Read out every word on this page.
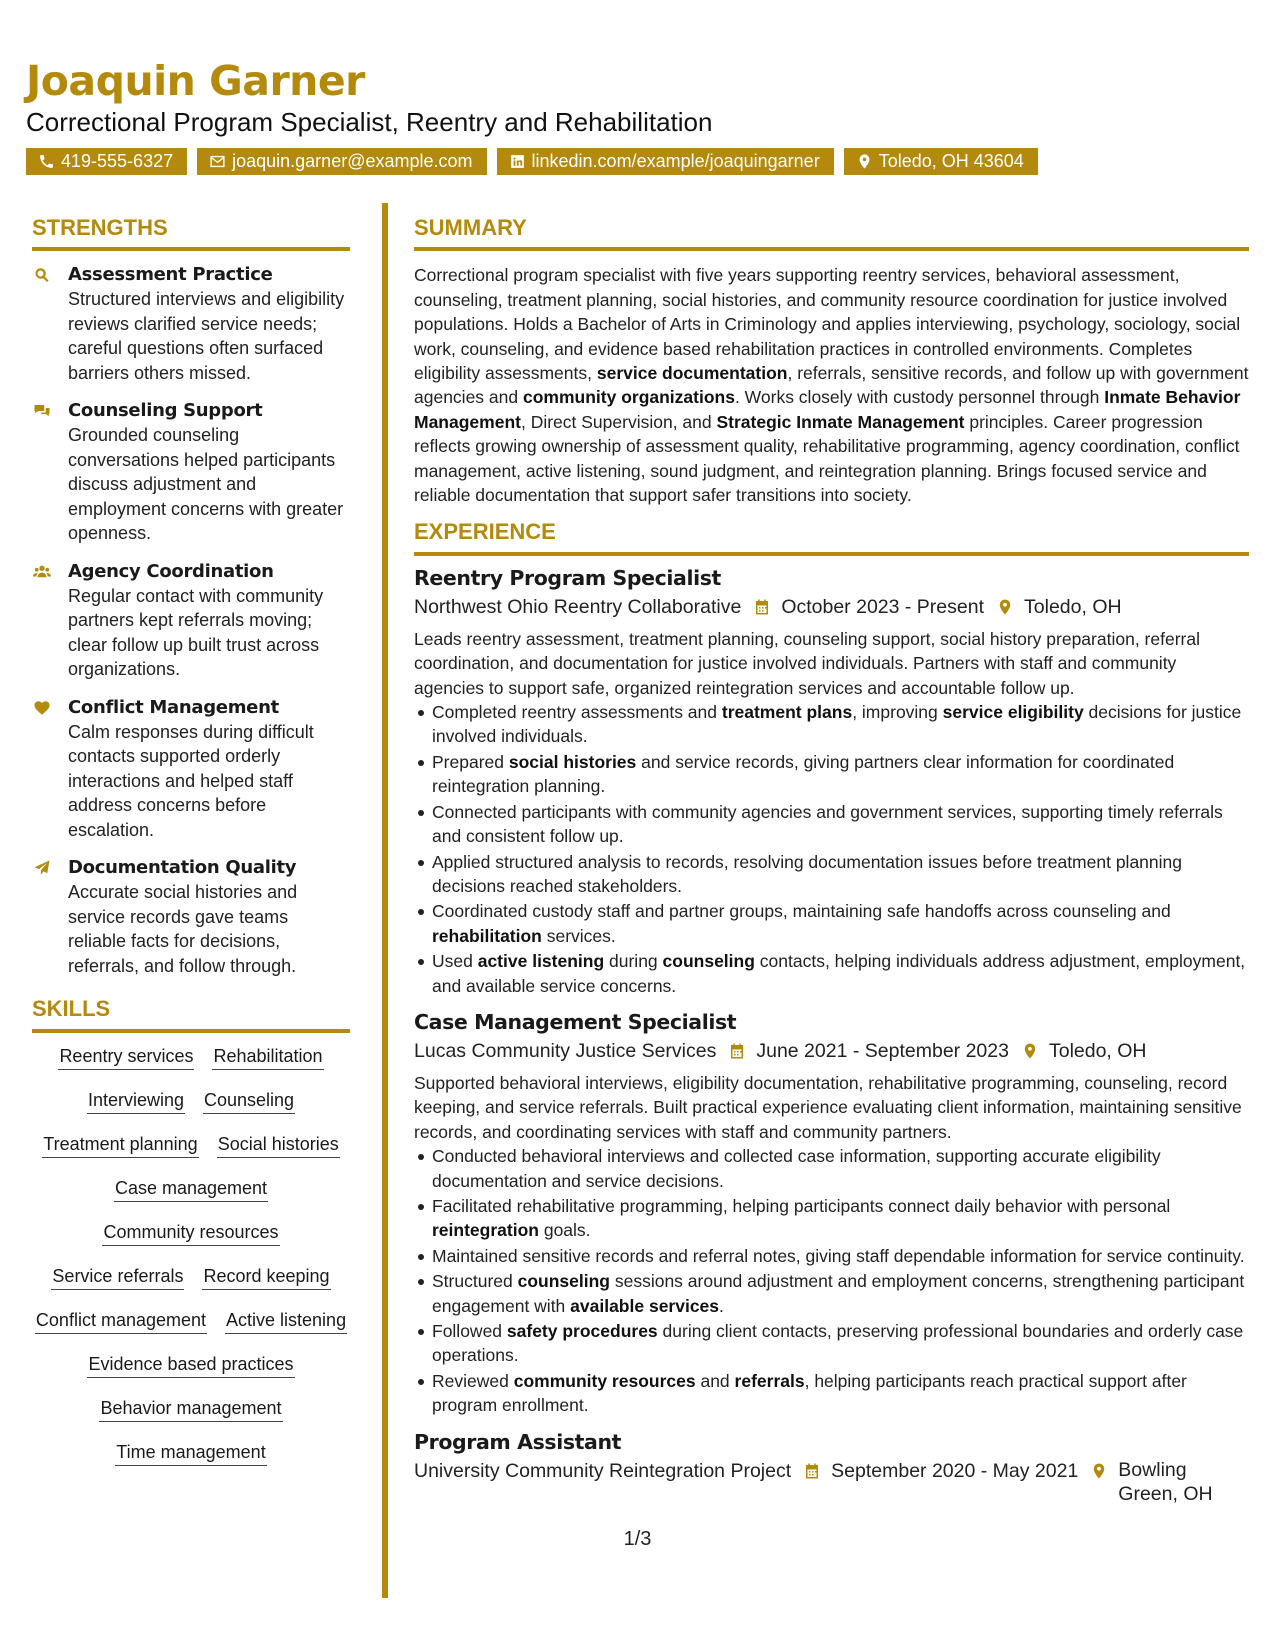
Joaquin Garner
Correctional Program Specialist, Reentry and Rehabilitation
419-555-6327	joaquin.garner@example.com	linkedin.com/example/joaquingarner	Toledo, OH 43604
STRENGTHS
Assessment Practice
Structured interviews and eligibility reviews clarified service needs; careful questions often surfaced barriers others missed.
Counseling Support
Grounded counseling conversations helped participants discuss adjustment and employment concerns with greater openness.
Agency Coordination
Regular contact with community partners kept referrals moving; clear follow up built trust across organizations.
Conflict Management
Calm responses during difficult contacts supported orderly interactions and helped staff address concerns before escalation.
Documentation Quality
Accurate social histories and service records gave teams reliable facts for decisions, referrals, and follow through.
SKILLS
Reentry services Rehabilitation
Interviewing Counseling
Treatment planning Social histories
Case management
Community resources
Service referrals Record keeping
Conflict management Active listening
Evidence based practices
Behavior management
Time management
SUMMARY

Correctional program specialist with five years supporting reentry services, behavioral assessment, counseling, treatment planning, social histories, and community resource coordination for justice involved populations. Holds a Bachelor of Arts in Criminology and applies interviewing, psychology, sociology, social work, counseling, and evidence based rehabilitation practices in controlled environments. Completes eligibility assessments, service documentation, referrals, sensitive records, and follow up with government agencies and community organizations. Works closely with custody personnel through Inmate Behavior Management, Direct Supervision, and Strategic Inmate Management principles. Career progression reflects growing ownership of assessment quality, rehabilitative programming, agency coordination, conflict management, active listening, sound judgment, and reintegration planning. Brings focused service and reliable documentation that support safer transitions into society.

EXPERIENCE
Reentry Program Specialist
Northwest Ohio Reentry Collaborative October 2023 - Present Toledo, OH
Leads reentry assessment, treatment planning, counseling support, social history preparation, referral coordination, and documentation for justice involved individuals. Partners with staff and community agencies to support safe, organized reintegration services and accountable follow up.
Completed reentry assessments and treatment plans, improving service eligibility decisions for justice involved individuals.
Prepared social histories and service records, giving partners clear information for coordinated reintegration planning.
Connected participants with community agencies and government services, supporting timely referrals and consistent follow up.
Applied structured analysis to records, resolving documentation issues before treatment planning decisions reached stakeholders.
Coordinated custody staff and partner groups, maintaining safe handoffs across counseling and rehabilitation services.
Used active listening during counseling contacts, helping individuals address adjustment, employment, and available service concerns.
Case Management Specialist
Lucas Community Justice Services June 2021 - September 2023 Toledo, OH
Supported behavioral interviews, eligibility documentation, rehabilitative programming, counseling, record keeping, and service referrals. Built practical experience evaluating client information, maintaining sensitive records, and coordinating services with staff and community partners.
Conducted behavioral interviews and collected case information, supporting accurate eligibility documentation and service decisions.
Facilitated rehabilitative programming, helping participants connect daily behavior with personal reintegration goals.
Maintained sensitive records and referral notes, giving staff dependable information for service continuity.
Structured counseling sessions around adjustment and employment concerns, strengthening participant engagement with available services.
Followed safety procedures during client contacts, preserving professional boundaries and orderly case operations.
Reviewed community resources and referrals, helping participants reach practical support after program enrollment.
Program Assistant
University Community Reintegration Project September 2020 - May 2021 Bowling Green, OH
1/3
